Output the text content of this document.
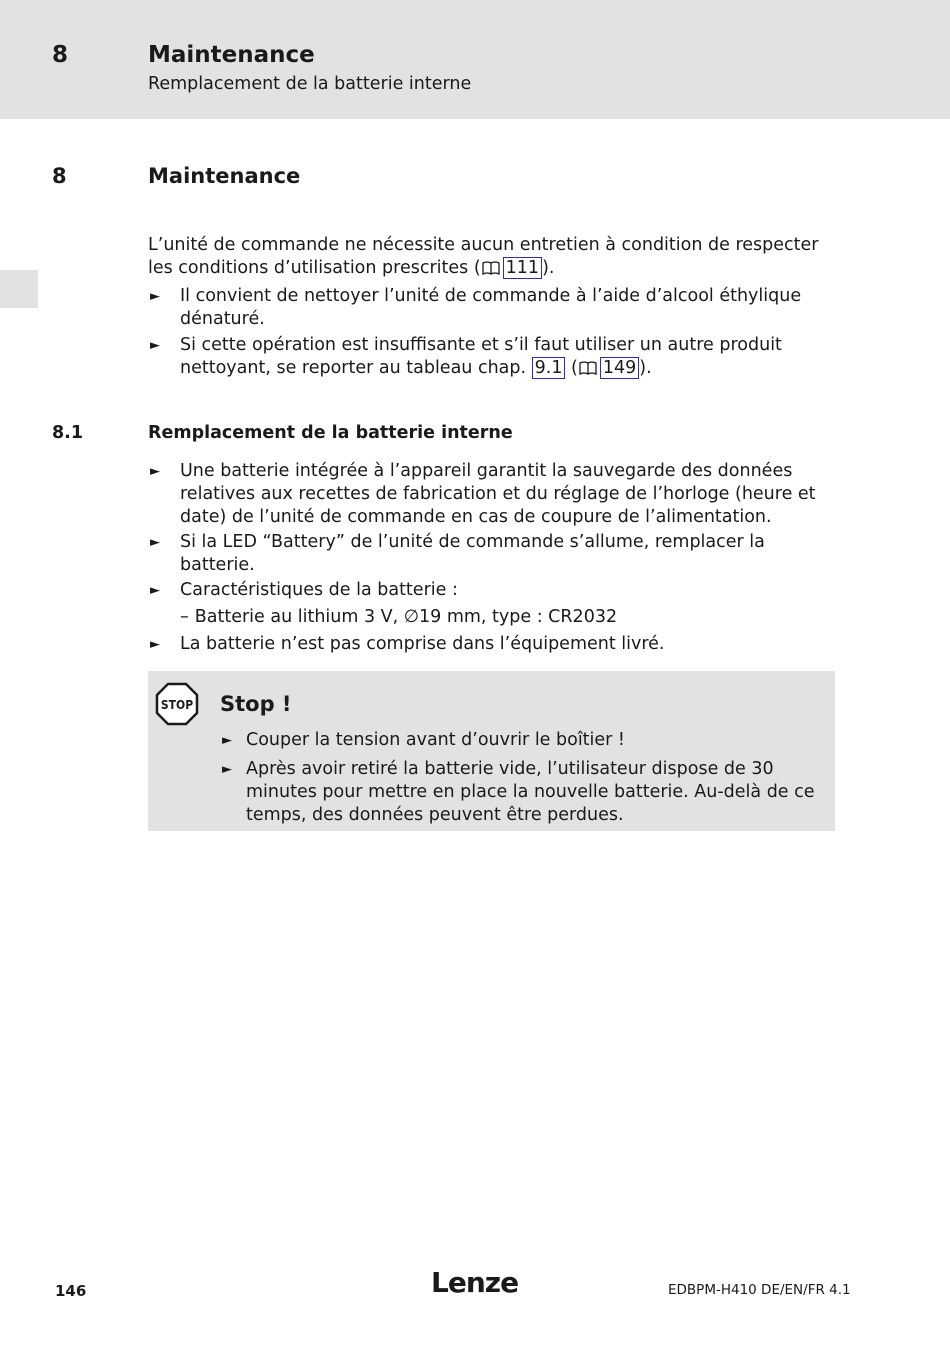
8	Maintenance
Remplacement de la batterie interne
8	Maintenance
L’unité de commande ne nécessite aucun entretien à condition de respecter les conditions d’utilisation prescrites ( 111 ).
► Il convient de nettoyer l’unité de commande à l’aide d’alcool éthylique dénaturé.
► Si cette opération est insuffisante et s’il faut utiliser un autre produit nettoyant, se reporter au tableau chap. 9.1 ( 149 ).
8.1	Remplacement de la batterie interne
► Une batterie intégrée à l’appareil garantit la sauvegarde des données relatives aux recettes de fabrication et du réglage de l’horloge (heure et date) de l’unité de commande en cas de coupure de l’alimentation.
► Si la LED “Battery” de l’unité de commande s’allume, remplacer la batterie.
► Caractéristiques de la batterie :
– Batterie au lithium 3 V, ∅19 mm, type : CR2032
► La batterie n’est pas comprise dans l’équipement livré.
STOP Stop !
► Couper la tension avant d’ouvrir le boîtier !
► Après avoir retiré la batterie vide, l’utilisateur dispose de 30 minutes pour mettre en place la nouvelle batterie. Au-delà de ce temps, des données peuvent être perdues.
146	Lenze	EDBPM-H410 DE/EN/FR 4.1
